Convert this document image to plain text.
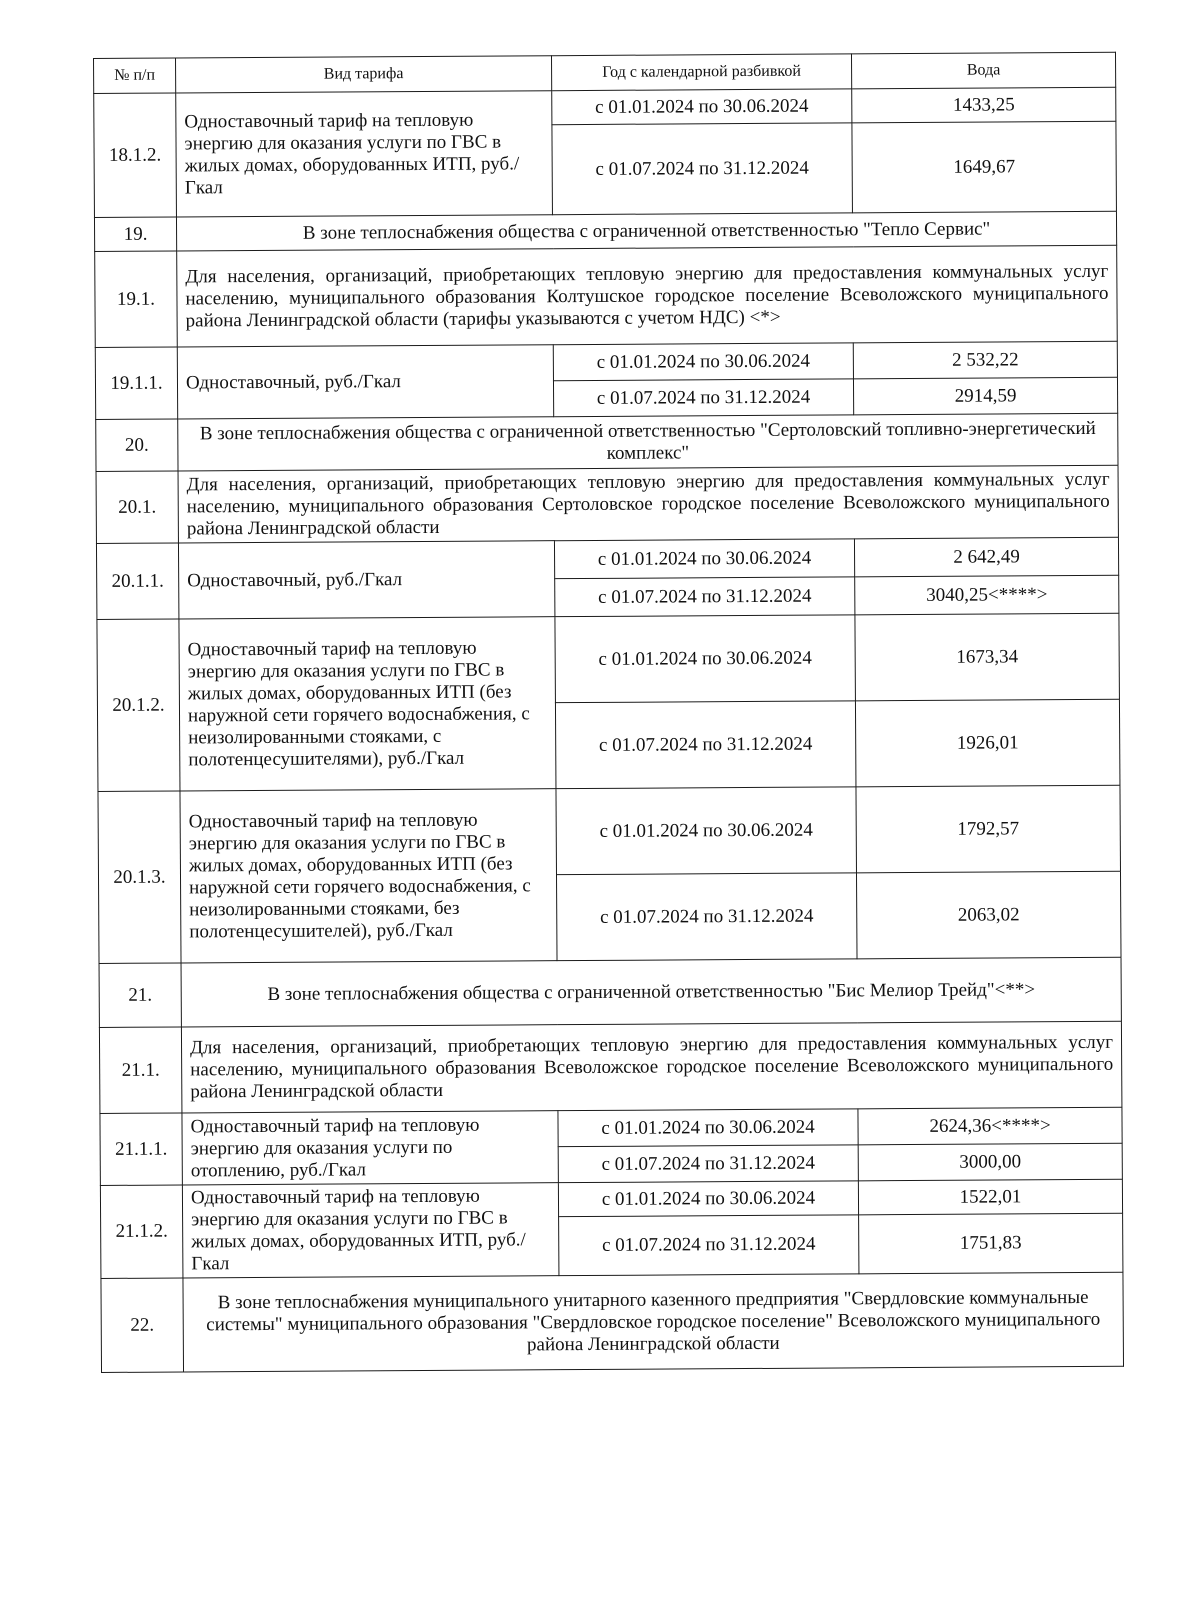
№ п/п	Вид тарифа	Год с календарной разбивкой	Вода
18.1.2.	Одноставочный тариф на тепловую энергию для оказания услуги по ГВС в жилых домах, оборудованных ИТП, руб./Гкал	с 01.01.2024 по 30.06.2024	1433,25
		с 01.07.2024 по 31.12.2024	1649,67
19.	В зоне теплоснабжения общества с ограниченной ответственностью "Тепло Сервис"		
19.1.	Для населения, организаций, приобретающих тепловую энергию для предоставления коммунальных услуг населению, муниципального образования Колтушское городское поселение Всеволожского муниципального района Ленинградской области (тарифы указываются с учетом НДС) <*>		
19.1.1.	Одноставочный, руб./Гкал	с 01.01.2024 по 30.06.2024	2 532,22
		с 01.07.2024 по 31.12.2024	2914,59
20.	В зоне теплоснабжения общества с ограниченной ответственностью "Сертоловский топливно-энергетический комплекс"		
20.1.	Для населения, организаций, приобретающих тепловую энергию для предоставления коммунальных услуг населению, муниципального образования Сертоловское городское поселение Всеволожского муниципального района Ленинградской области		
20.1.1.	Одноставочный, руб./Гкал	с 01.01.2024 по 30.06.2024	2 642,49
		с 01.07.2024 по 31.12.2024	3040,25<****>
20.1.2.	Одноставочный тариф на тепловую энергию для оказания услуги по ГВС в жилых домах, оборудованных ИТП (без наружной сети горячего водоснабжения, с неизолированными стояками, с полотенцесушителями), руб./Гкал	с 01.01.2024 по 30.06.2024	1673,34
		с 01.07.2024 по 31.12.2024	1926,01
20.1.3.	Одноставочный тариф на тепловую энергию для оказания услуги по ГВС в жилых домах, оборудованных ИТП (без наружной сети горячего водоснабжения, с неизолированными стояками, без полотенцесушителей), руб./Гкал	с 01.01.2024 по 30.06.2024	1792,57
		с 01.07.2024 по 31.12.2024	2063,02
21.	В зоне теплоснабжения общества с ограниченной ответственностью "Бис Мелиор Трейд"<**>		
21.1.	Для населения, организаций, приобретающих тепловую энергию для предоставления коммунальных услуг населению, муниципального образования Всеволожское городское поселение Всеволожского муниципального района Ленинградской области		
21.1.1.	Одноставочный тариф на тепловую энергию для оказания услуги по отоплению, руб./Гкал	с 01.01.2024 по 30.06.2024	2624,36<****>
		с 01.07.2024 по 31.12.2024	3000,00
21.1.2.	Одноставочный тариф на тепловую энергию для оказания услуги по ГВС в жилых домах, оборудованных ИТП, руб./Гкал	с 01.01.2024 по 30.06.2024	1522,01
		с 01.07.2024 по 31.12.2024	1751,83
22.	В зоне теплоснабжения муниципального унитарного казенного предприятия "Свердловские коммунальные системы" муниципального образования "Свердловское городское поселение" Всеволожского муниципального района Ленинградской области		
